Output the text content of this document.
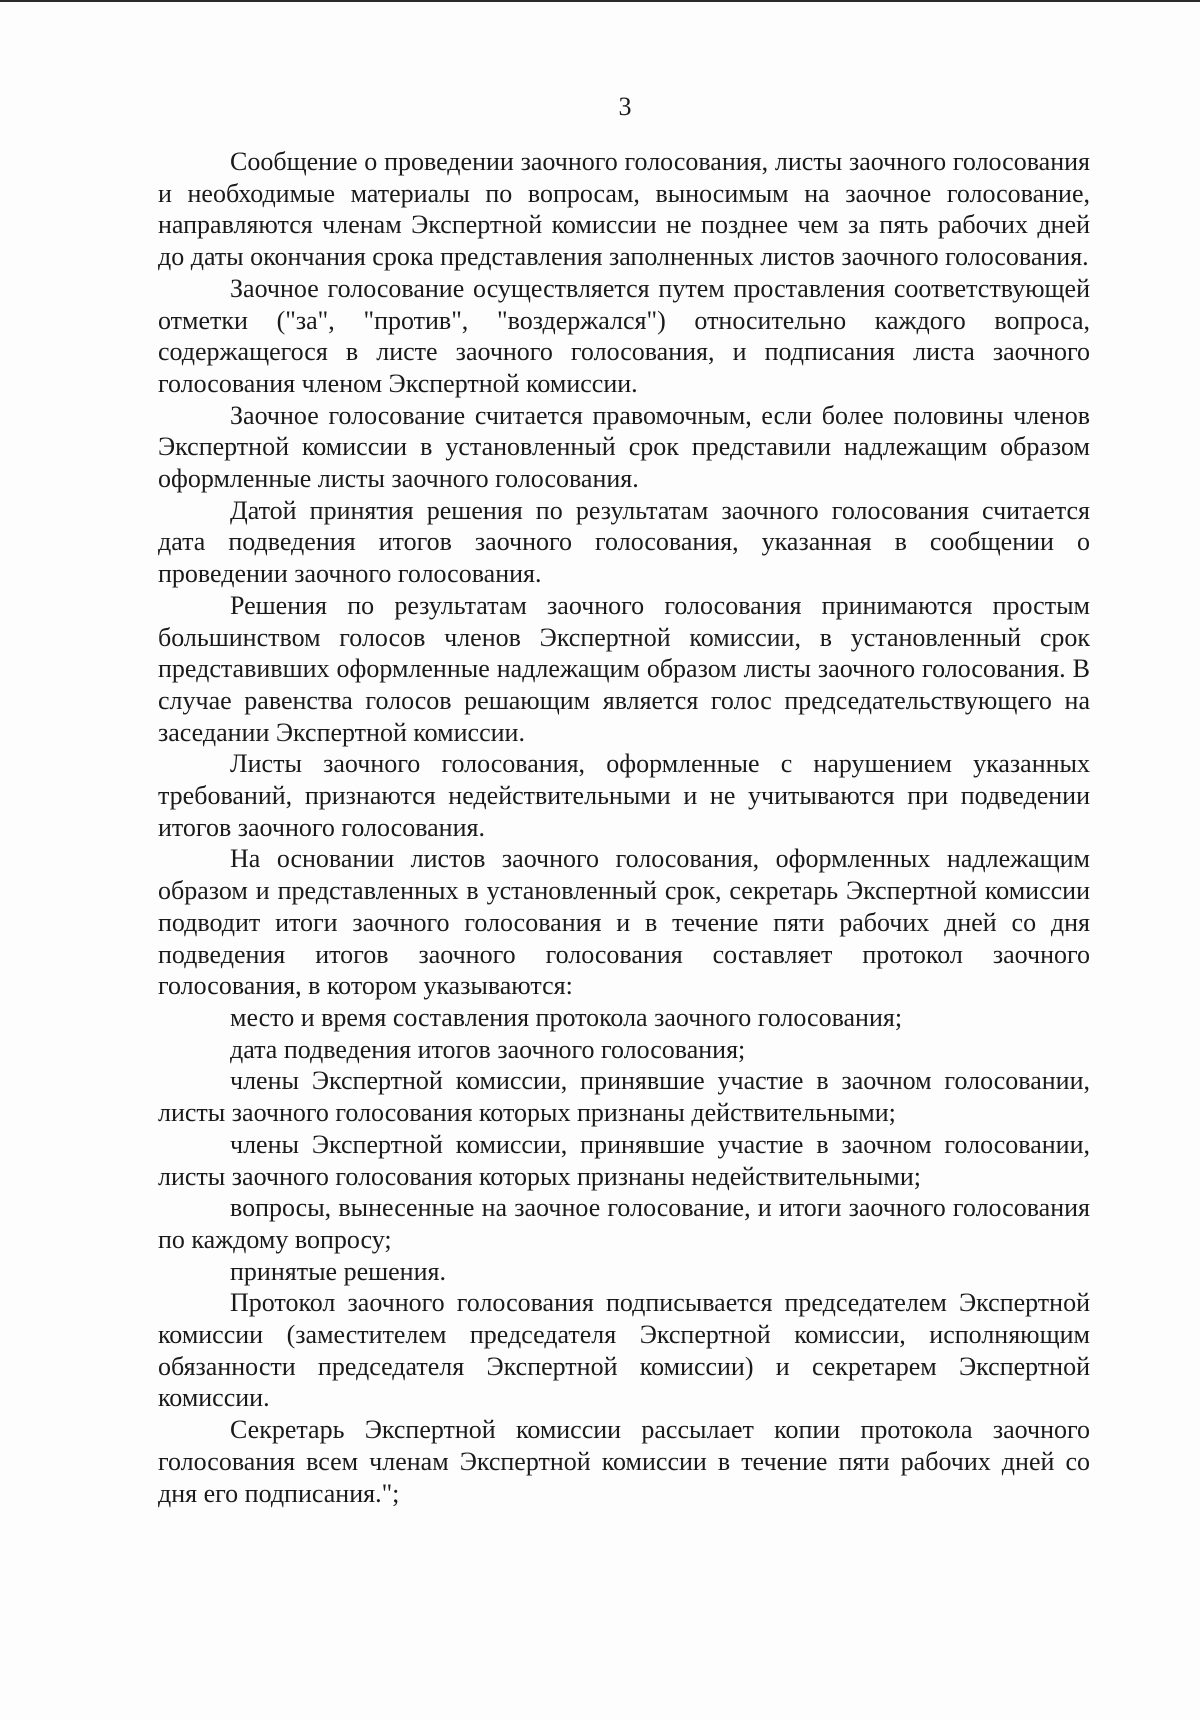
3

Сообщение о проведении заочного голосования, листы заочного голосования и необходимые материалы по вопросам, выносимым на заочное голосование, направляются членам Экспертной комиссии не позднее чем за пять рабочих дней до даты окончания срока представления заполненных листов заочного голосования.

Заочное голосование осуществляется путем проставления соответствующей отметки ("за", "против", "воздержался") относительно каждого вопроса, содержащегося в листе заочного голосования, и подписания листа заочного голосования членом Экспертной комиссии.

Заочное голосование считается правомочным, если более половины членов Экспертной комиссии в установленный срок представили надлежащим образом оформленные листы заочного голосования.

Датой принятия решения по результатам заочного голосования считается дата подведения итогов заочного голосования, указанная в сообщении о проведении заочного голосования.

Решения по результатам заочного голосования принимаются простым большинством голосов членов Экспертной комиссии, в установленный срок представивших оформленные надлежащим образом листы заочного голосования. В случае равенства голосов решающим является голос председательствующего на заседании Экспертной комиссии.

Листы заочного голосования, оформленные с нарушением указанных требований, признаются недействительными и не учитываются при подведении итогов заочного голосования.

На основании листов заочного голосования, оформленных надлежащим образом и представленных в установленный срок, секретарь Экспертной комиссии подводит итоги заочного голосования и в течение пяти рабочих дней со дня подведения итогов заочного голосования составляет протокол заочного голосования, в котором указываются:

место и время составления протокола заочного голосования;

дата подведения итогов заочного голосования;

члены Экспертной комиссии, принявшие участие в заочном голосовании, листы заочного голосования которых признаны действительными;

члены Экспертной комиссии, принявшие участие в заочном голосовании, листы заочного голосования которых признаны недействительными;

вопросы, вынесенные на заочное голосование, и итоги заочного голосования по каждому вопросу;

принятые решения.

Протокол заочного голосования подписывается председателем Экспертной комиссии (заместителем председателя Экспертной комиссии, исполняющим обязанности председателя Экспертной комиссии) и секретарем Экспертной комиссии.

Секретарь Экспертной комиссии рассылает копии протокола заочного голосования всем членам Экспертной комиссии в течение пяти рабочих дней со дня его подписания.";
